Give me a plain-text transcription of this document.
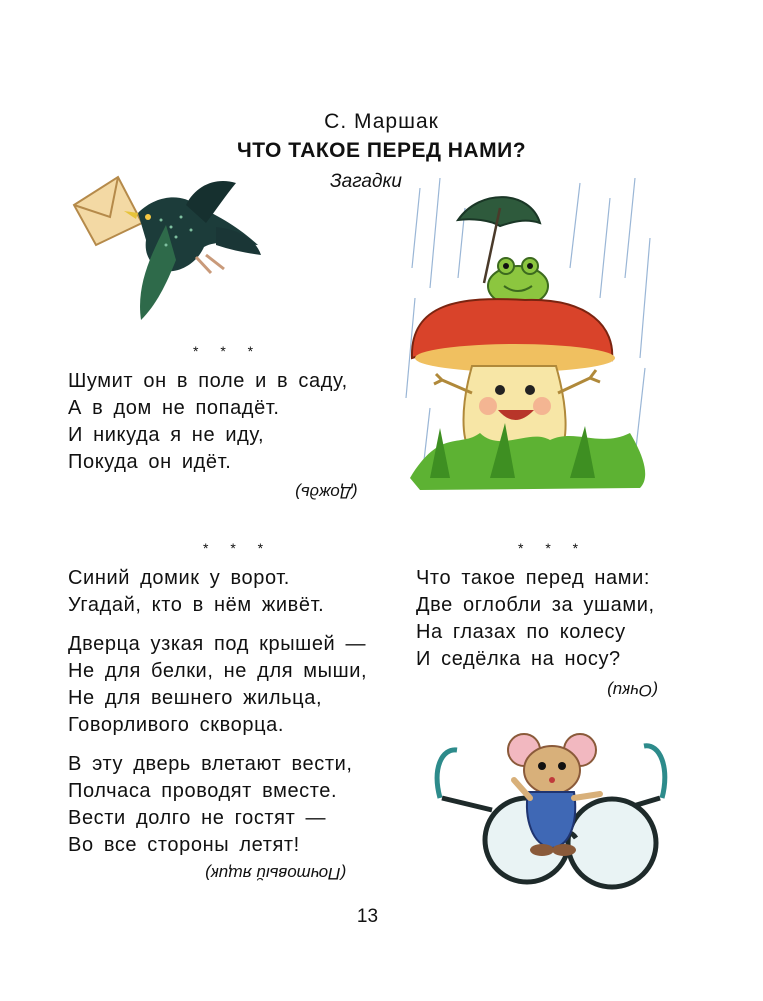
С. Маршак
ЧТО ТАКОЕ ПЕРЕД НАМИ?
Загадки
* * *
Шумит он в поле и в саду,
А в дом не попадёт.
И никуда я не иду,
Покуда он идёт.
(Дождь)
* * *
Синий домик у ворот.
Угадай, кто в нём живёт.
Дверца узкая под крышей —
Не для белки, не для мыши,
Не для вешнего жильца,
Говорливого скворца.
В эту дверь влетают вести,
Полчаса проводят вместе.
Вести долго не гостят —
Во все стороны летят!
(Почтовый ящик)
* * *
Что такое перед нами:
Две оглобли за ушами,
На глазах по колесу
И седёлка на носу?
(Очки)
13
